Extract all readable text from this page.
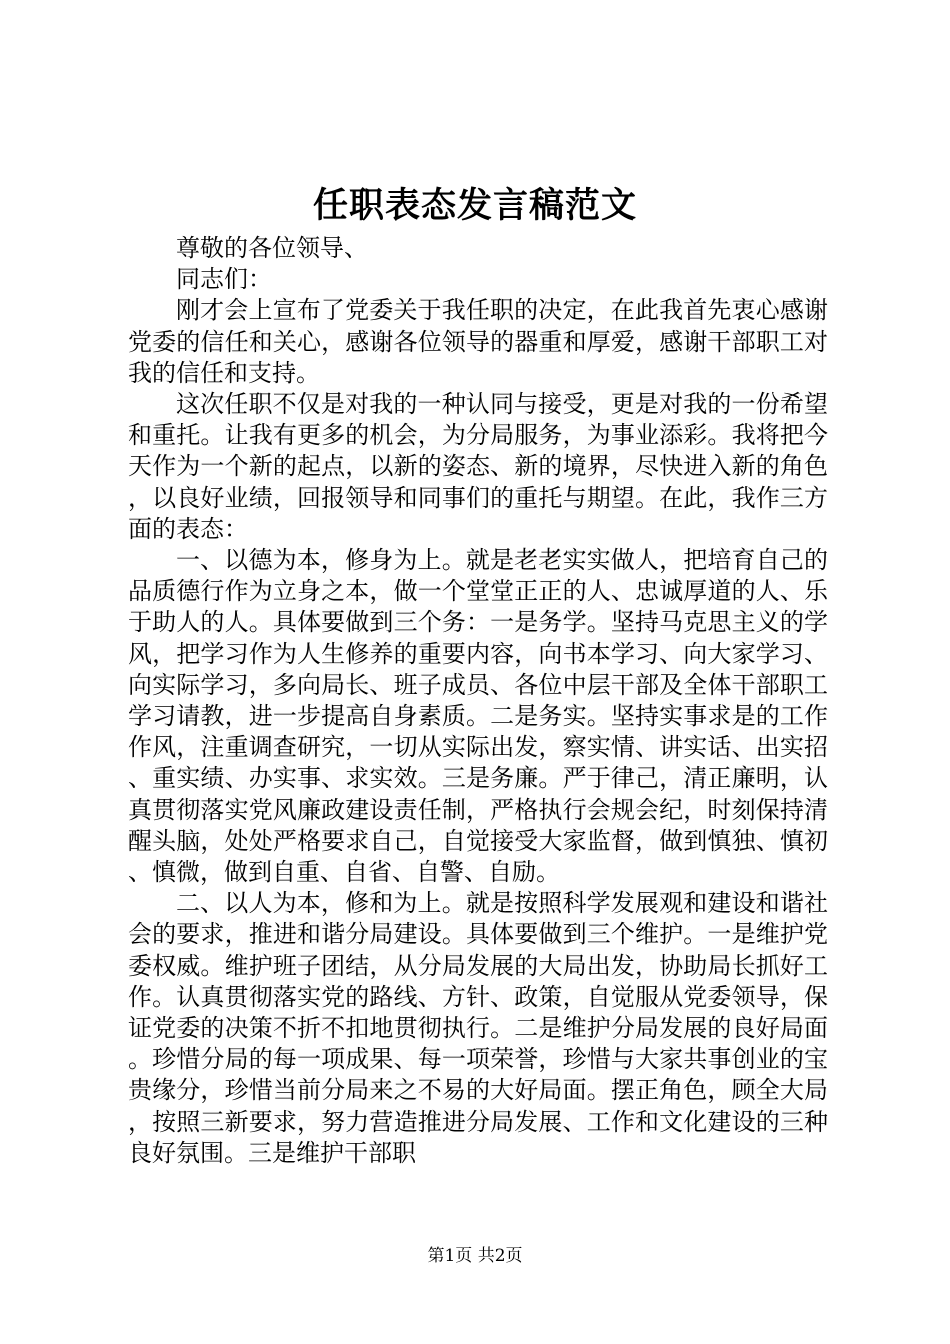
任职表态发言稿范文

尊敬的各位领导、

同志们：

刚才会上宣布了党委关于我任职的决定，在此我首先衷心感谢党委的信任和关心，感谢各位领导的器重和厚爱，感谢干部职工对我的信任和支持。

这次任职不仅是对我的一种认同与接受，更是对我的一份希望和重托。让我有更多的机会，为分局服务，为事业添彩。我将把今天作为一个新的起点，以新的姿态、新的境界，尽快进入新的角色，以良好业绩，回报领导和同事们的重托与期望。在此，我作三方面的表态：

一、以德为本，修身为上。就是老老实实做人，把培育自己的品质德行作为立身之本，做一个堂堂正正的人、忠诚厚道的人、乐于助人的人。具体要做到三个务：一是务学。坚持马克思主义的学风，把学习作为人生修养的重要内容，向书本学习、向大家学习、向实际学习，多向局长、班子成员、各位中层干部及全体干部职工学习请教，进一步提高自身素质。二是务实。坚持实事求是的工作作风，注重调查研究，一切从实际出发，察实情、讲实话、出实招、重实绩、办实事、求实效。三是务廉。严于律己，清正廉明，认真贯彻落实党风廉政建设责任制，严格执行会规会纪，时刻保持清醒头脑，处处严格要求自己，自觉接受大家监督，做到慎独、慎初、慎微，做到自重、自省、自警、自励。

二、以人为本，修和为上。就是按照科学发展观和建设和谐社会的要求，推进和谐分局建设。具体要做到三个维护。一是维护党委权威。维护班子团结，从分局发展的大局出发，协助局长抓好工作。认真贯彻落实党的路线、方针、政策，自觉服从党委领导，保证党委的决策不折不扣地贯彻执行。二是维护分局发展的良好局面。珍惜分局的每一项成果、每一项荣誉，珍惜与大家共事创业的宝贵缘分，珍惜当前分局来之不易的大好局面。摆正角色，顾全大局，按照三新要求，努力营造推进分局发展、工作和文化建设的三种良好氛围。三是维护干部职

第1页 共2页
